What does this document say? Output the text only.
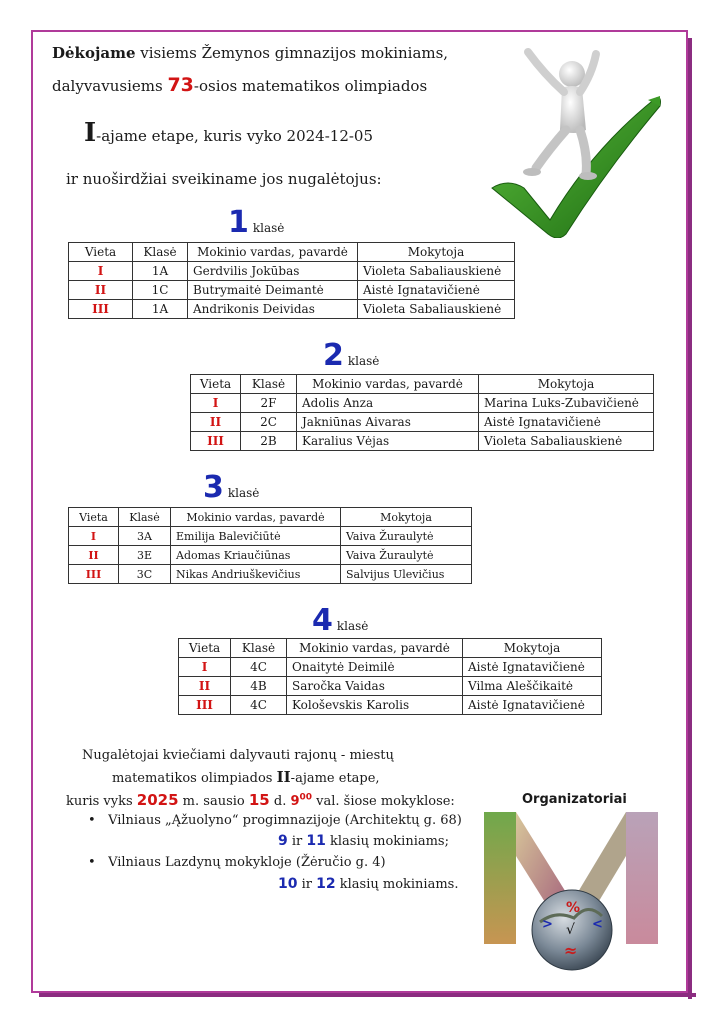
Dėkojame visiems Žemynos gimnazijos mokiniams,
dalyvavusiems 73-osios matematikos olimpiados
I-ajame etape, kuris vyko 2024-12-05
ir nuoširdžiai sveikiname jos nugalėtojus:
1 klasė
Vieta	Klasė	Mokinio vardas, pavardė	Mokytoja
I	1A	Gerdvilis Jokūbas	Violeta Sabaliauskienė
II	1C	Butrymaitė Deimantė	Aistė Ignatavičienė
III	1A	Andrikonis Deividas	Violeta Sabaliauskienė
2 klasė
Vieta	Klasė	Mokinio vardas, pavardė	Mokytoja
I	2F	Adolis Anza	Marina Luks-Zubavičienė
II	2C	Jakniūnas Aivaras	Aistė Ignatavičienė
III	2B	Karalius Vėjas	Violeta Sabaliauskienė
3 klasė
Vieta	Klasė	Mokinio vardas, pavardė	Mokytoja
I	3A	Emilija Balevičiūtė	Vaiva Žuraulytė
II	3E	Adomas Kriaučiūnas	Vaiva Žuraulytė
III	3C	Nikas Andriuškevičius	Salvijus Ulevičius
4 klasė
Vieta	Klasė	Mokinio vardas, pavardė	Mokytoja
I	4C	Onaitytė Deimilė	Aistė Ignatavičienė
II	4B	Saročka Vaidas	Vilma Aleščikaitė
III	4C	Kološevskis Karolis	Aistė Ignatavičienė
Nugalėtojai kviečiami dalyvauti rajonų - miestų
matematikos olimpiados II-ajame etape,
kuris vyks 2025 m. sausio 15 d. $9^{00}$ val. šiose mokyklose:
• Vilniaus „Ąžuolyno“ progimnazijoje (Architektų g. 68)
9 ir 11 klasių mokiniams;
• Vilniaus Lazdynų mokykloje (Žėručio g. 4)
10 ir 12 klasių mokiniams.
Organizatoriai
%
>	<
√
≈
